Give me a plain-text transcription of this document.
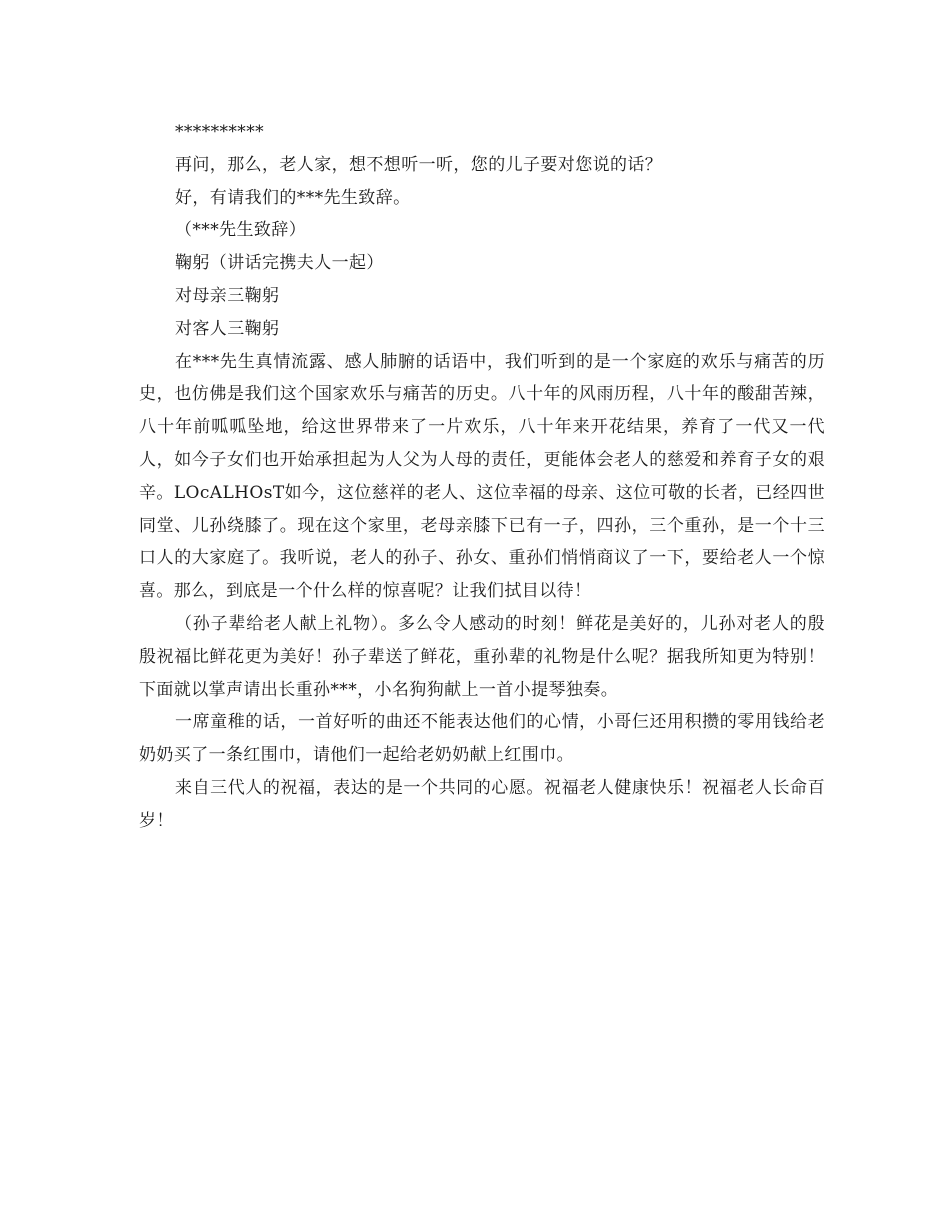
**********

再问，那么，老人家，想不想听一听，您的儿子要对您说的话？

好，有请我们的***先生致辞。

（***先生致辞）

鞠躬（讲话完携夫人一起）

对母亲三鞠躬

对客人三鞠躬

在***先生真情流露、感人肺腑的话语中，我们听到的是一个家庭的欢乐与痛苦的历史，也仿佛是我们这个国家欢乐与痛苦的历史。八十年的风雨历程，八十年的酸甜苦辣，八十年前呱呱坠地，给这世界带来了一片欢乐，八十年来开花结果，养育了一代又一代人，如今子女们也开始承担起为人父为人母的责任，更能体会老人的慈爱和养育子女的艰辛。LOcALHOsT如今，这位慈祥的老人、这位幸福的母亲、这位可敬的长者，已经四世同堂、儿孙绕膝了。现在这个家里，老母亲膝下已有一子，四孙，三个重孙，是一个十三口人的大家庭了。我听说，老人的孙子、孙女、重孙们悄悄商议了一下，要给老人一个惊喜。那么，到底是一个什么样的惊喜呢？让我们拭目以待！

（孙子辈给老人献上礼物）。多么令人感动的时刻！鲜花是美好的，儿孙对老人的殷殷祝福比鲜花更为美好！孙子辈送了鲜花，重孙辈的礼物是什么呢？据我所知更为特别！下面就以掌声请出长重孙***，小名狗狗献上一首小提琴独奏。

一席童稚的话，一首好听的曲还不能表达他们的心情，小哥仨还用积攒的零用钱给老奶奶买了一条红围巾，请他们一起给老奶奶献上红围巾。

来自三代人的祝福，表达的是一个共同的心愿。祝福老人健康快乐！祝福老人长命百岁！
